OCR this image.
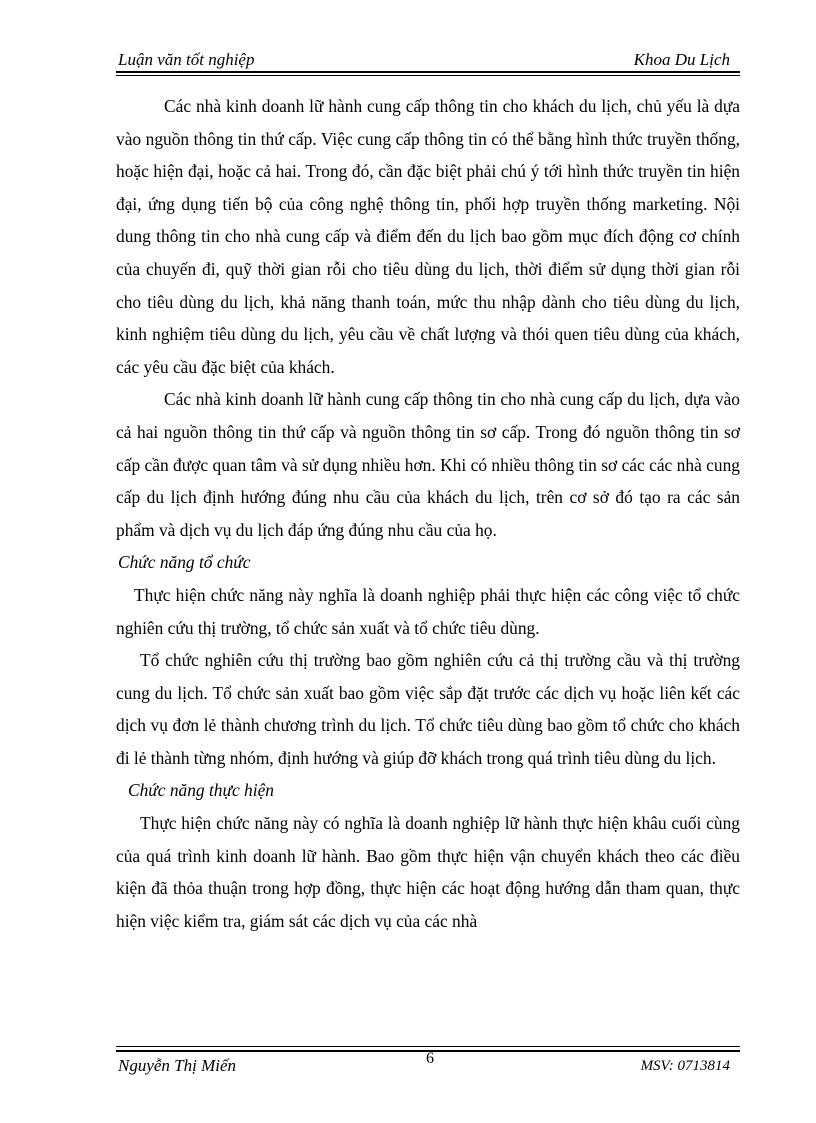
Luận văn tốt nghiệp	Khoa Du Lịch

Các nhà kinh doanh lữ hành cung cấp thông tin cho khách du lịch, chủ yếu là dựa vào nguồn thông tin thứ cấp. Việc cung cấp thông tin có thể bằng hình thức truyền thống, hoặc hiện đại, hoặc cả hai. Trong đó, cần đặc biệt phải chú ý tới hình thức truyền tin hiện đại, ứng dụng tiến bộ của công nghệ thông tin, phối hợp truyền thống marketing. Nội dung thông tin cho nhà cung cấp và điểm đến du lịch bao gồm mục đích động cơ chính của chuyến đi, quỹ thời gian rỗi cho tiêu dùng du lịch, thời điểm sử dụng thời gian rỗi cho tiêu dùng du lịch, khả năng thanh toán, mức thu nhập dành cho tiêu dùng du lịch, kinh nghiệm tiêu dùng du lịch, yêu cầu về chất lượng và thói quen tiêu dùng của khách, các yêu cầu đặc biệt của khách.

Các nhà kinh doanh lữ hành cung cấp thông tin cho nhà cung cấp du lịch, dựa vào cả hai nguồn thông tin thứ cấp và nguồn thông tin sơ cấp. Trong đó nguồn thông tin sơ cấp cần được quan tâm và sử dụng nhiều hơn. Khi có nhiều thông tin sơ các các nhà cung cấp du lịch định hướng đúng nhu cầu của khách du lịch, trên cơ sở đó tạo ra các sản phẩm và dịch vụ du lịch đáp ứng đúng nhu cầu của họ.

Chức năng tổ chức

Thực hiện chức năng này nghĩa là doanh nghiệp phải thực hiện các công việc tổ chức nghiên cứu thị trường, tổ chức sản xuất và tổ chức tiêu dùng.

Tổ chức nghiên cứu thị trường bao gồm nghiên cứu cả thị trường cầu và thị trường cung du lịch. Tổ chức sản xuất bao gồm việc sắp đặt trước các dịch vụ hoặc liên kết các dịch vụ đơn lẻ thành chương trình du lịch. Tổ chức tiêu dùng bao gồm tổ chức cho khách đi lẻ thành từng nhóm, định hướng và giúp đỡ khách trong quá trình tiêu dùng du lịch.

Chức năng thực hiện

Thực hiện chức năng này có nghĩa là doanh nghiệp lữ hành thực hiện khâu cuối cùng của quá trình kinh doanh lữ hành. Bao gồm thực hiện vận chuyển khách theo các điều kiện đã thỏa thuận trong hợp đồng, thực hiện các hoạt động hướng dẫn tham quan, thực hiện việc kiểm tra, giám sát các dịch vụ của các nhà

Nguyễn Thị Miến	6	MSV: 0713814
